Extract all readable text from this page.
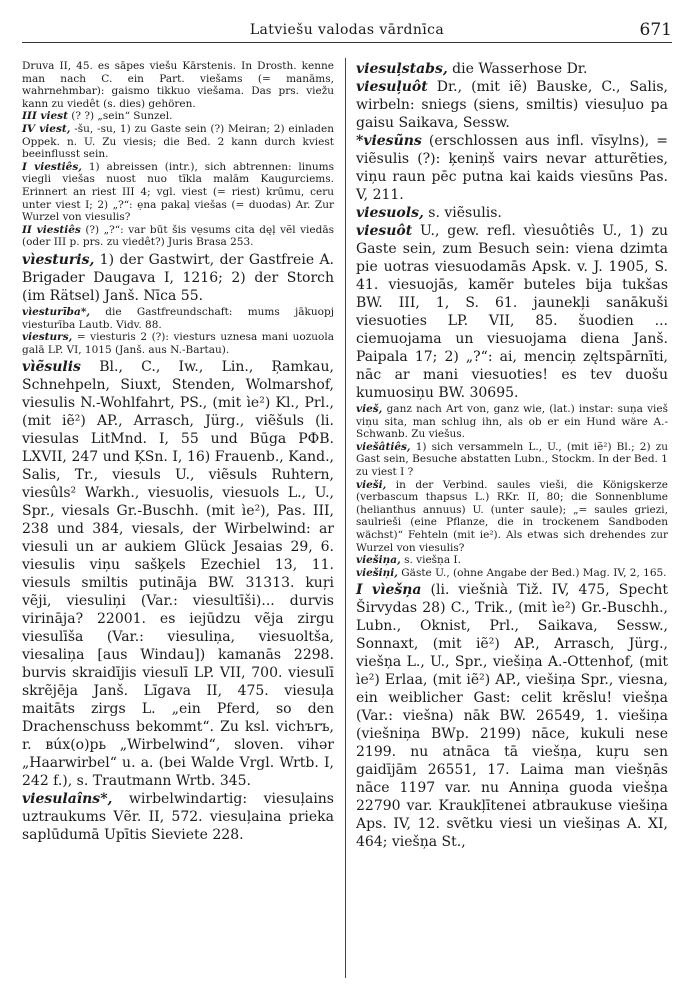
Latviešu valodas vārdnīca	671
Druva II, 45. es sāpes viešu Kārstenis. In Drosth. kenne man nach C. ein Part. viešams (= manāms, wahrnehmbar): gaismo tikkuo viešama. Das prs. viežu kann zu viedêt (s. dies) gehören.
III viest (? ?) „sein“ Sunzel.
IV viest, -šu, -su, 1) zu Gaste sein (?) Meiran; 2) einladen Oppek. n. U. Zu viesis; die Bed. 2 kann durch kviest beeinflusst sein.
I viestiês, 1) abreissen (intr.), sich abtrennen: linums viegli viešas nuost nuo tīkla malām Kaugurciems. Erinnert an riest III 4; vgl. viest (= riest) krūmu, ceru unter viest I; 2) „?“: ẹna pakaļ viešas (= duodas) Ar. Zur Wurzel von viesulis?
II viestiês (?) „?“: var būt šis vẹsums cita dęļ vẽl viedās (oder III p. prs. zu viedêt?) Juris Brasa 253.
vìesturis, 1) der Gastwirt, der Gastfreie A. Brigader Daugava I, 1216; 2) der Storch (im Rätsel) Janš. Nīca 55.
vìesturība*, die Gastfreundschaft: mums jākuopj viesturība Lautb. Vidv. 88.
viesturs, = viesturis 2 (?): viesturs uznesa mani uozuola galā LP. VI, 1015 (Janš. aus N.-Bartau).
vìẽsulis Bl., C., Iw., Lin., Ŗamkau, Schnehpeln, Siuxt, Stenden, Wolmarshof, viesulis N.-Wohlfahrt, PS., (mit ìe²) Kl., Prl., (mit iẽ²) AP., Arrasch, Jürg., viẽšuls (li. viesulas LitMnd. I, 55 und Būga PФB. LXVII, 247 und ĶSn. I, 16) Frauenb., Kand., Salis, Tr., viesuls U., viẽsuls Ruhtern, viesûls² Warkh., viesuolis, viesuols L., U., Spr., viesals Gr.-Buschh. (mit ìe²), Pas. III, 238 und 384, viesals, der Wirbelwind: ar viesuli un ar aukiem Glück Jesaias 29, 6. viesulis viņu sašķels Ezechiel 13, 11. viesuls smiltis putināja BW. 31313. kuŗi vẽji, viesuliņi (Var.: viesultīši)... durvis virināja? 22001. es iejūdzu vẽja zirgu viesulīša (Var.: viesuliņa, viesuoltša, viesaliņa [aus Windau]) kamanās 2298. burvis skraidījis viesulī LP. VII, 700. viesulī skrẽjēja Janš. Līgava II, 475. viesuļa maitāts zirgs L. „ein Pferd, so den Drachenschuss bekommt“. Zu ksl. vichъrъ, r. вúх(о)рь „Wirbelwind“, sloven. vihǝr „Haarwirbel“ u. a. (bei Walde Vrgl. Wrtb. I, 242 f.), s. Trautmann Wrtb. 345.
viesulaîns*, wirbelwindartig: viesuļains uztraukums Vẽr. II, 572. viesuļaina prieka saplūdumā Upītis Sieviete 228.
viesuļstabs, die Wasserhose Dr.
viesuļuôt Dr., (mit iẽ) Bauske, C., Salis, wirbeln: sniegs (siens, smiltis) viesuļuo pa gaisu Saikava, Sessw.
*viesũns (erschlossen aus infl. vīsylns), = viẽsulis (?): ķeniņš vairs nevar atturẽties, viņu raun pēc putna kai kaids viesūns Pas. V, 211.
viesuols, s. viẽsulis.
viesuôt U., gew. refl. vìesuôtiês U., 1) zu Gaste sein, zum Besuch sein: viena dzimta pie uotras viesuodamās Apsk. v. J. 1905, S. 41. viesuojās, kamẽr buteles bija tukšas BW. III, 1, S. 61. jaunekļi sanākuši viesuoties LP. VII, 85. šuodien ... ciemuojama un viesuojama diena Janš. Paipala 17; 2) „?“: ai, menciņ zęltspārnīti, nāc ar mani viesuoties! es tev duošu kumuosiņu BW. 30695.
vieš, ganz nach Art von, ganz wie, (lat.) instar: suņa vieš viņu sita, man schlug ihn, als ob er ein Hund wäre A.-Schwanb. Zu viešus.
viešâtiês, 1) sich versammeln L., U., (mit iẽ²) Bl.; 2) zu Gast sein, Besuche abstatten Lubn., Stockm. In der Bed. 1 zu viest I ?
vieši, in der Verbind. saules vieši, die Königskerze (verbascum thapsus L.) RKr. II, 80; die Sonnenblume (helianthus annuus) U. (unter saule); „= saules griezi, saulrieši (eine Pflanze, die in trockenem Sandboden wächst)“ Fehteln (mit ie²). Als etwas sich drehendes zur Wurzel von viesulis?
viešiņa, s. viešņa I.
viešiņi, Gäste U., (ohne Angabe der Bed.) Mag. IV, 2, 165.
I vìešņa (li. viešnià Tiž. IV, 475, Specht Širvydas 28) C., Trik., (mit ìe²) Gr.-Buschh., Lubn., Oknist, Prl., Saikava, Sessw., Sonnaxt, (mit iẽ²) AP., Arrasch, Jürg., viešņa L., U., Spr., viešiņa A.-Ottenhof, (mit ìe²) Erlaa, (mit iẽ²) AP., viešiņa Spr., viesna, ein weiblicher Gast: celit krẽslu! viešņa (Var.: viešna) nāk BW. 26549, 1. viešiņa (viešniņa BWp. 2199) nāce, kukuli nese 2199. nu atnāca tā viešņa, kuŗu sen gaidījām 26551, 17. Laima man viešņās nāce 1197 var. nu Anniņa guoda viešņa 22790 var. Kraukļītenei atbraukuse viešiņa Aps. IV, 12. svẽtku viesi un viešiņas A. XI, 464; viešņa St.,
